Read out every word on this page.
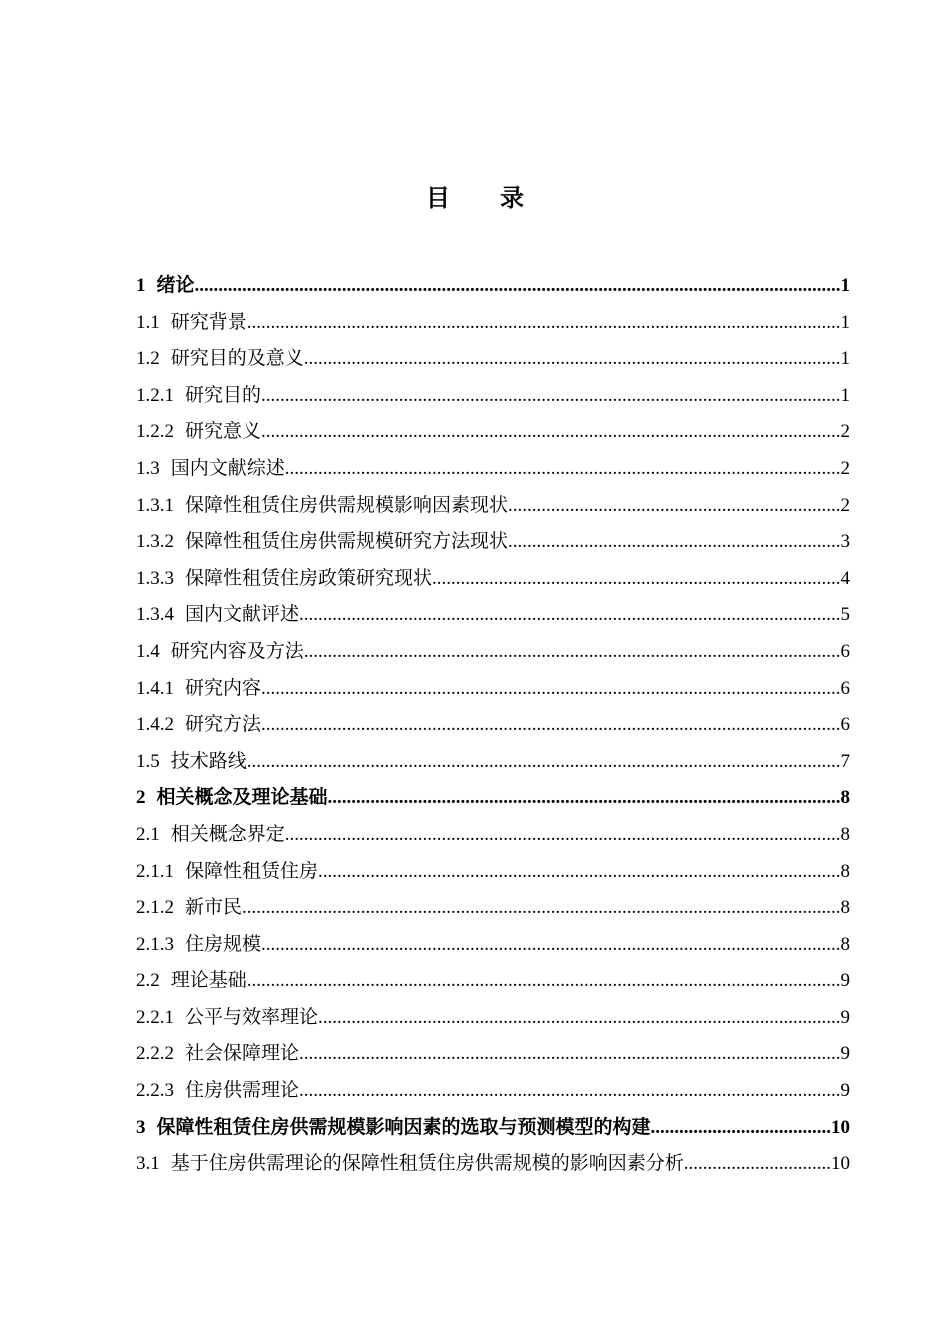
目录
1 绪论 .....	1
1.1 研究背景 .....	1
1.2 研究目的及意义 .....	1
1.2.1 研究目的 .....	1
1.2.2 研究意义 .....	2
1.3 国内文献综述 .....	2
1.3.1 保障性租赁住房供需规模影响因素现状 .....	2
1.3.2 保障性租赁住房供需规模研究方法现状 .....	3
1.3.3 保障性租赁住房政策研究现状 .....	4
1.3.4 国内文献评述 .....	5
1.4 研究内容及方法 .....	6
1.4.1 研究内容 .....	6
1.4.2 研究方法 .....	6
1.5 技术路线 .....	7
2 相关概念及理论基础 .....	8
2.1 相关概念界定 .....	8
2.1.1 保障性租赁住房 .....	8
2.1.2 新市民 .....	8
2.1.3 住房规模 .....	8
2.2 理论基础 .....	9
2.2.1 公平与效率理论 .....	9
2.2.2 社会保障理论 .....	9
2.2.3 住房供需理论 .....	9
3 保障性租赁住房供需规模影响因素的选取与预测模型的构建 .....	10
3.1 基于住房供需理论的保障性租赁住房供需规模的影响因素分析 .....	10
